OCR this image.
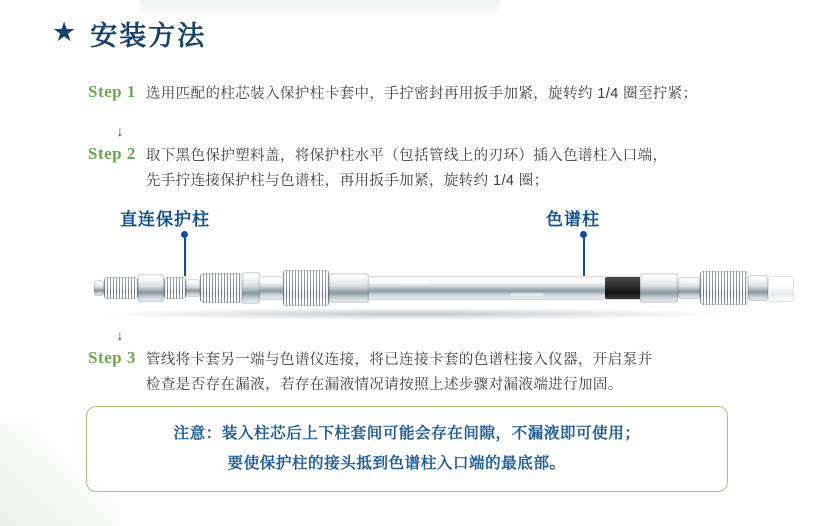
★ 安装方法
Step 1 选用匹配的柱芯装入保护柱卡套中，手拧密封再用扳手加紧，旋转约 1/4 圈至拧紧；
↓
Step 2 取下黑色保护塑料盖，将保护柱水平（包括管线上的刃环）插入色谱柱入口端，
先手拧连接保护柱与色谱柱，再用扳手加紧，旋转约 1/4 圈；
直连保护柱	色谱柱
↓
Step 3 管线将卡套另一端与色谱仪连接，将已连接卡套的色谱柱接入仪器，开启泵并
检查是否存在漏液，若存在漏液情况请按照上述步骤对漏液端进行加固。
注意：装入柱芯后上下柱套间可能会存在间隙，不漏液即可使用；
要使保护柱的接头抵到色谱柱入口端的最底部。
